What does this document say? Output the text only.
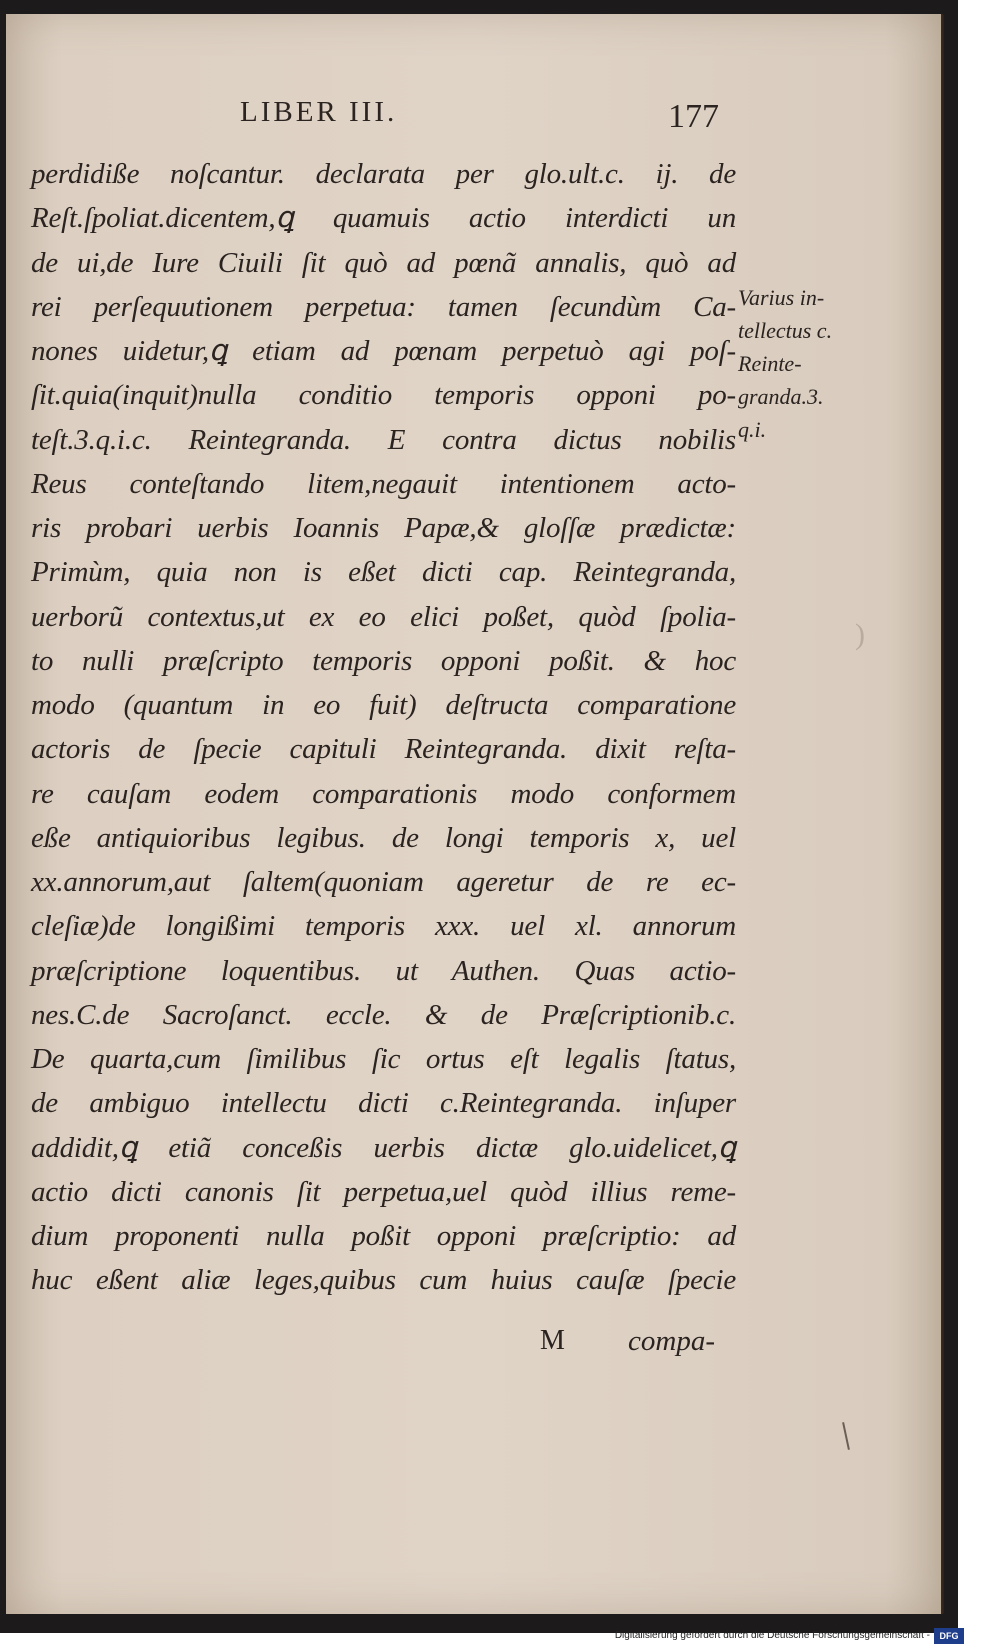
LIBER III.	177
perdidiße noſcantur. declarata per glo.ult.c. ij. de
Reſt.ſpoliat.dicentem,ꝗ quamuis actio interdicti un
de ui,de Iure Ciuili ſit quò ad pœnã annalis, quò ad
rei perſequutionem perpetua: tamen ſecundùm Ca-
nones uidetur,ꝗ etiam ad pœnam perpetuò agi poſ-
ſit.quia(inquit)nulla conditio temporis opponi po-
teſt.3.q.i.c. Reintegranda. E contra dictus nobilis
Reus conteſtando litem,negauit intentionem acto-
ris probari uerbis Ioannis Papæ,& gloſſæ prædictæ:
Primùm, quia non is eßet dicti cap. Reintegranda,
uerborũ contextus,ut ex eo elici poßet, quòd ſpolia-
to nulli præſcripto temporis opponi poßit. & hoc
modo (quantum in eo fuit) deſtructa comparatione
actoris de ſpecie capituli Reintegranda. dixit reſta-
re cauſam eodem comparationis modo conformem
eße antiquioribus legibus. de longi temporis x, uel
xx.annorum,aut ſaltem(quoniam ageretur de re ec-
cleſiæ)de longißimi temporis xxx. uel xl. annorum
præſcriptione loquentibus. ut Authen. Quas actio-
nes.C.de Sacroſanct. eccle. & de Præſcriptionib.c.
De quarta,cum ſimilibus ſic ortus eſt legalis ſtatus,
de ambiguo intellectu dicti c.Reintegranda. inſuper
addidit,ꝗ etiã conceßis uerbis dictæ glo.uidelicet,ꝗ
actio dicti canonis ſit perpetua,uel quòd illius reme-
dium proponenti nulla poßit opponi præſcriptio: ad
huc eßent aliæ leges,quibus cum huius cauſæ ſpecie
Varius in-
tellectus c.
Reinte-
granda.3.
q.i.
M compa-
)
Digitalisierung gefördert durch die Deutsche Forschungsgemeinschaft -	DFG
